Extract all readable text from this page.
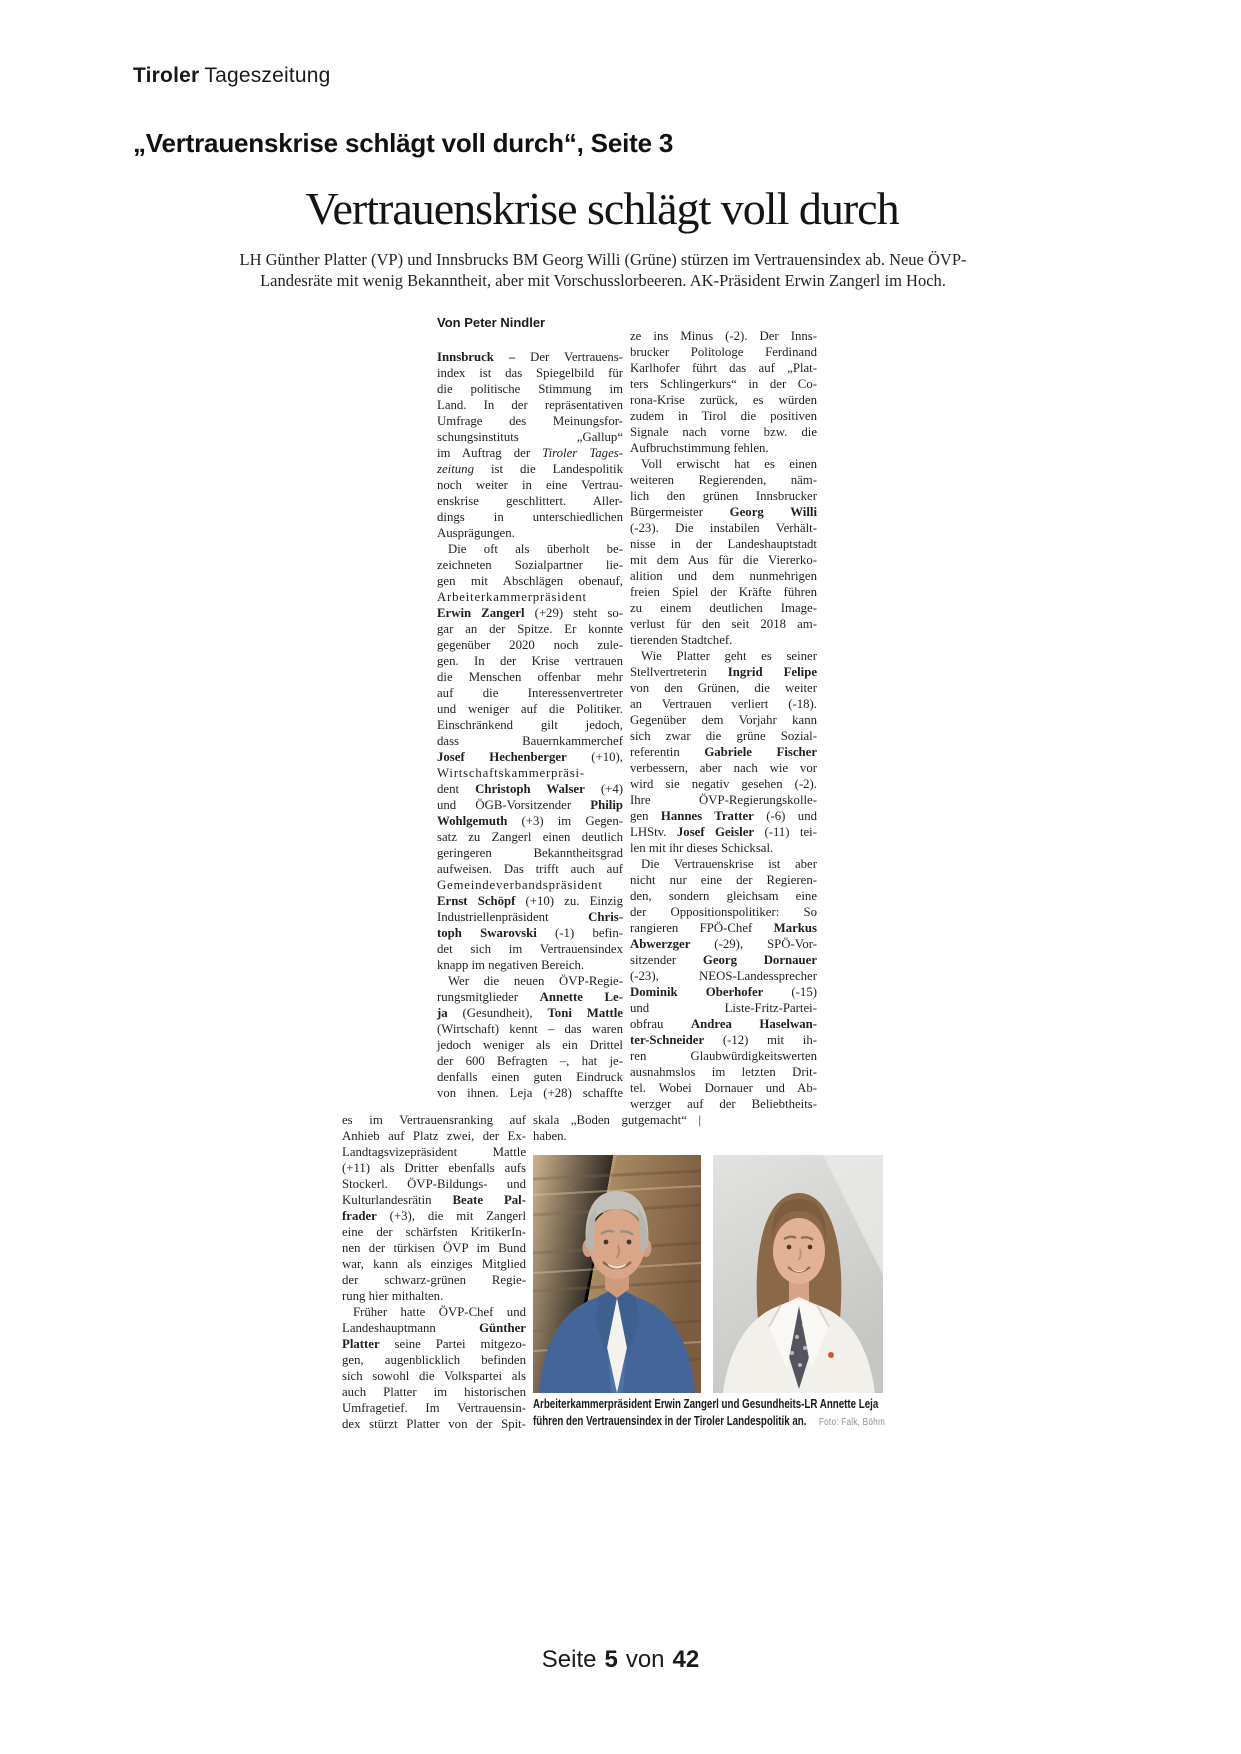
Tiroler Tageszeitung
„Vertrauenskrise schlägt voll durch“, Seite 3
Vertrauenskrise schlägt voll durch
LH Günther Platter (VP) und Innsbrucks BM Georg Willi (Grüne) stürzen im Vertrauensindex ab. Neue ÖVP-
Landesräte mit wenig Bekanntheit, aber mit Vorschusslorbeeren. AK-Präsident Erwin Zangerl im Hoch.
Von Peter Nindler
Innsbruck – Der Vertrauens-
index ist das Spiegelbild für
die politische Stimmung im
Land. In der repräsentativen
Umfrage des Meinungsfor-
schungsinstituts „Gallup“
im Auftrag der Tiroler Tages-
zeitung ist die Landespolitik
noch weiter in eine Vertrau-
enskrise geschlittert. Aller-
dings in unterschiedlichen
Ausprägungen.
Die oft als überholt be-
zeichneten Sozialpartner lie-
gen mit Abschlägen obenauf,
Arbeiterkammerpräsident
Erwin Zangerl (+29) steht so-
gar an der Spitze. Er konnte
gegenüber 2020 noch zule-
gen. In der Krise vertrauen
die Menschen offenbar mehr
auf die Interessenvertreter
und weniger auf die Politiker.
Einschränkend gilt jedoch,
dass Bauernkammerchef
Josef Hechenberger (+10),
Wirtschaftskammerpräsi-
dent Christoph Walser (+4)
und ÖGB-Vorsitzender Philip
Wohlgemuth (+3) im Gegen-
satz zu Zangerl einen deutlich
geringeren Bekanntheitsgrad
aufweisen. Das trifft auch auf
Gemeindeverbandspräsident
Ernst Schöpf (+10) zu. Einzig
Industriellenpräsident Chris-
toph Swarovski (-1) befin-
det sich im Vertrauensindex
knapp im negativen Bereich.
Wer die neuen ÖVP-Regie-
rungsmitglieder Annette Le-
ja (Gesundheit), Toni Mattle
(Wirtschaft) kennt – das waren
jedoch weniger als ein Drittel
der 600 Befragten –, hat je-
denfalls einen guten Eindruck
von ihnen. Leja (+28) schaffte
ze ins Minus (-2). Der Inns-
brucker Politologe Ferdinand
Karlhofer führt das auf „Plat-
ters Schlingerkurs“ in der Co-
rona-Krise zurück, es würden
zudem in Tirol die positiven
Signale nach vorne bzw. die
Aufbruchstimmung fehlen.
Voll erwischt hat es einen
weiteren Regierenden, näm-
lich den grünen Innsbrucker
Bürgermeister Georg Willi
(-23). Die instabilen Verhält-
nisse in der Landeshauptstadt
mit dem Aus für die Viererko-
alition und dem nunmehrigen
freien Spiel der Kräfte führen
zu einem deutlichen Image-
verlust für den seit 2018 am-
tierenden Stadtchef.
Wie Platter geht es seiner
Stellvertreterin Ingrid Felipe
von den Grünen, die weiter
an Vertrauen verliert (-18).
Gegenüber dem Vorjahr kann
sich zwar die grüne Sozial-
referentin Gabriele Fischer
verbessern, aber nach wie vor
wird sie negativ gesehen (-2).
Ihre ÖVP-Regierungskolle-
gen Hannes Tratter (-6) und
LHStv. Josef Geisler (-11) tei-
len mit ihr dieses Schicksal.
Die Vertrauenskrise ist aber
nicht nur eine der Regieren-
den, sondern gleichsam eine
der Oppositionspolitiker: So
rangieren FPÖ-Chef Markus
Abwerzger (-29), SPÖ-Vor-
sitzender Georg Dornauer
(-23), NEOS-Landessprecher
Dominik Oberhofer (-15)
und Liste-Fritz-Partei-
obfrau Andrea Haselwan-
ter-Schneider (-12) mit ih-
ren Glaubwürdigkeitswerten
ausnahmslos im letzten Drit-
tel. Wobei Dornauer und Ab-
werzger auf der Beliebtheits-
es im Vertrauensranking auf
Anhieb auf Platz zwei, der Ex-
Landtagsvizepräsident Mattle
(+11) als Dritter ebenfalls aufs
Stockerl. ÖVP-Bildungs- und
Kulturlandesrätin Beate Pal-
frader (+3), die mit Zangerl
eine der schärfsten KritikerIn-
nen der türkisen ÖVP im Bund
war, kann als einziges Mitglied
der schwarz-grünen Regie-
rung hier mithalten.
Früher hatte ÖVP-Chef und
Landeshauptmann Günther
Platter seine Partei mitgezo-
gen, augenblicklich befinden
sich sowohl die Volkspartei als
auch Platter im historischen
Umfragetief. Im Vertrauensin-
dex stürzt Platter von der Spit-
skala „Boden gutgemacht“ |
haben.
Arbeiterkammerpräsident Erwin Zangerl und Gesundheits-LR Annette Leja
führen den Vertrauensindex in der Tiroler Landespolitik an. Foto: Falk, Böhm
Seite 5 von 42
